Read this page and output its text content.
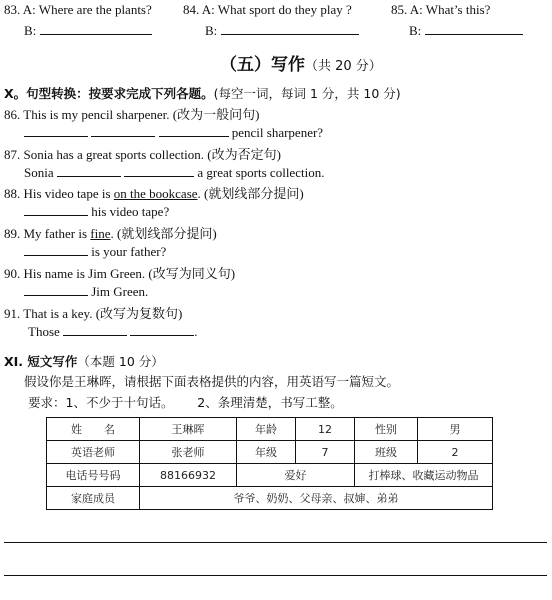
83. A: Where are the plants?
B:
84. A: What sport do they play ?
B:
85. A: What’s this?
B:
（五）写作（共 20 分）
X。句型转换：按要求完成下列各题。(每空一词，每词 1 分，共 10 分)
86. This is my pencil sharpener. (改为一般问句)
pencil sharpener?
87. Sonia has a great sports collection. (改为否定句)
Sonia	a great sports collection.
88. His video tape is on the bookcase. (就划线部分提问)
his video tape?
89. My father is fine. (就划线部分提问)
is your father?
90. His name is Jim Green. (改写为同义句)
Jim Green.
91. That is a key. (改写为复数句)
Those	.
XI. 短文写作（本题 10 分）
假设你是王琳晖，请根据下面表格提供的内容，用英语写一篇短文。
要求：1、不少于十句话。      2、条理清楚，书写工整。
姓　　名	王琳晖	年龄	12	性别	男
英语老师	张老师	年级	7	班级	2
电话号号码	88166932	爱好		打棒球、收藏运动物品	
家庭成员	爷爷、奶奶、父母亲、叔婶、弟弟				
